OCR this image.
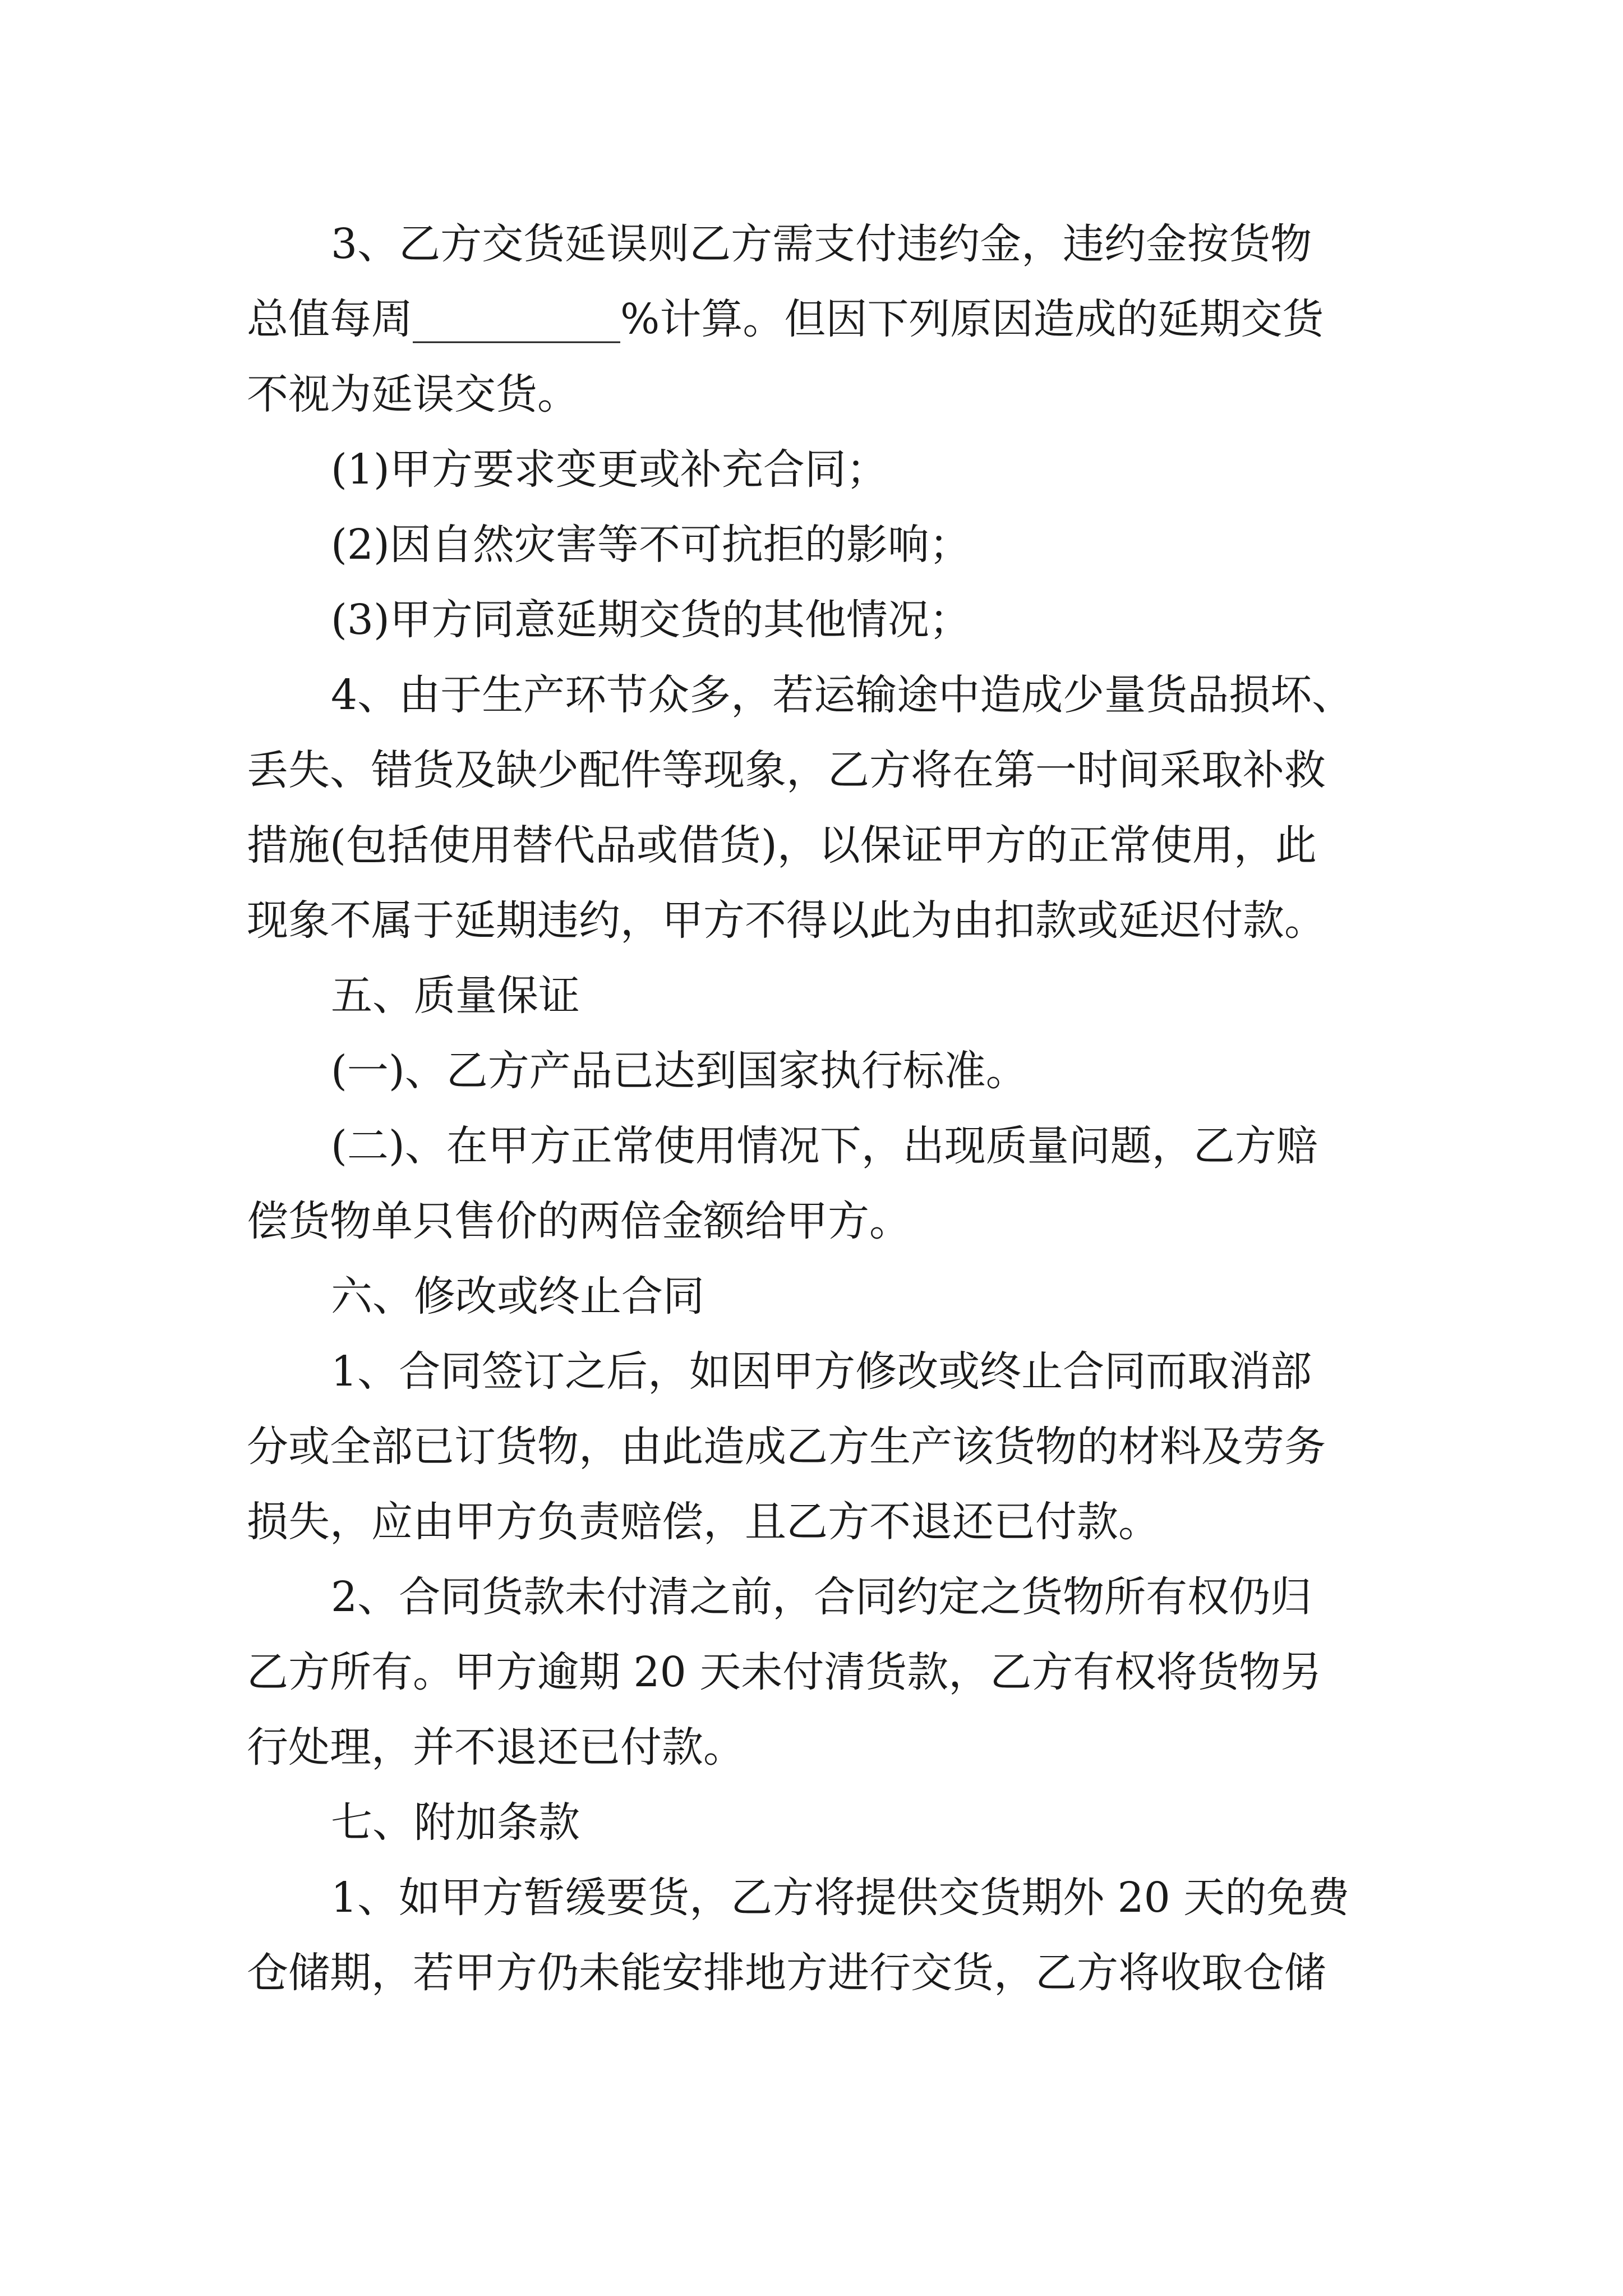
3、乙方交货延误则乙方需支付违约金，违约金按货物
总值每周__________%计算。但因下列原因造成的延期交货
不视为延误交货。
(1)甲方要求变更或补充合同；
(2)因自然灾害等不可抗拒的影响；
(3)甲方同意延期交货的其他情况；
4、由于生产环节众多，若运输途中造成少量货品损坏、
丢失、错货及缺少配件等现象，乙方将在第一时间采取补救
措施(包括使用替代品或借货)，以保证甲方的正常使用，此
现象不属于延期违约，甲方不得以此为由扣款或延迟付款。
五、质量保证
(一)、乙方产品已达到国家执行标准。
(二)、在甲方正常使用情况下，出现质量问题，乙方赔
偿货物单只售价的两倍金额给甲方。
六、修改或终止合同
1、合同签订之后，如因甲方修改或终止合同而取消部
分或全部已订货物，由此造成乙方生产该货物的材料及劳务
损失，应由甲方负责赔偿，且乙方不退还已付款。
2、合同货款未付清之前，合同约定之货物所有权仍归
乙方所有。甲方逾期 20 天未付清货款，乙方有权将货物另
行处理，并不退还已付款。
七、附加条款
1、如甲方暂缓要货，乙方将提供交货期外 20 天的免费
仓储期，若甲方仍未能安排地方进行交货，乙方将收取仓储
